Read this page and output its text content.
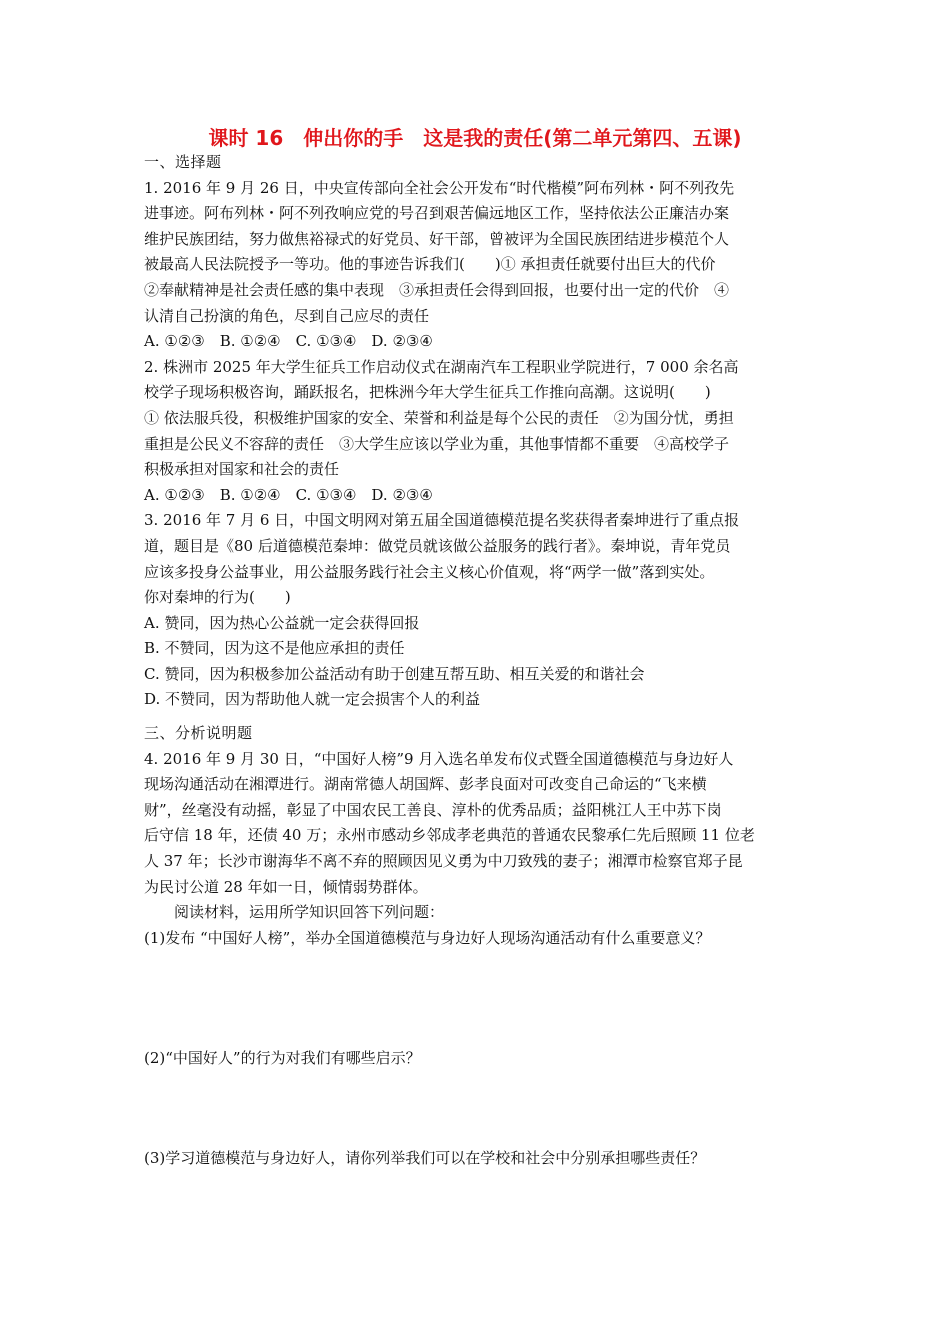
课时 16　伸出你的手　这是我的责任(第二单元第四、五课)
一、选择题
1. 2016 年 9 月 26 日，中央宣传部向全社会公开发布“时代楷模”阿布列林・阿不列孜先
进事迹。阿布列林・阿不列孜响应党的号召到艰苦偏远地区工作，坚持依法公正廉洁办案
维护民族团结，努力做焦裕禄式的好党员、好干部，曾被评为全国民族团结进步模范个人
被最高人民法院授予一等功。他的事迹告诉我们(　　)① 承担责任就要付出巨大的代价
②奉献精神是社会责任感的集中表现　③承担责任会得到回报，也要付出一定的代价　④
认清自己扮演的角色，尽到自己应尽的责任
A. ①②③　B. ①②④　C. ①③④　D. ②③④
2. 株洲市 2025 年大学生征兵工作启动仪式在湖南汽车工程职业学院进行，7 000 余名高
校学子现场积极咨询，踊跃报名，把株洲今年大学生征兵工作推向高潮。这说明(　　)
① 依法服兵役，积极维护国家的安全、荣誉和利益是每个公民的责任　②为国分忧，勇担
重担是公民义不容辞的责任　③大学生应该以学业为重，其他事情都不重要　④高校学子
积极承担对国家和社会的责任
A. ①②③　B. ①②④　C. ①③④　D. ②③④
3. 2016 年 7 月 6 日，中国文明网对第五届全国道德模范提名奖获得者秦坤进行了重点报
道，题目是《80 后道德模范秦坤：做党员就该做公益服务的践行者》。秦坤说，青年党员
应该多投身公益事业，用公益服务践行社会主义核心价值观，将“两学一做”落到实处。
你对秦坤的行为(　　)
A. 赞同，因为热心公益就一定会获得回报
B. 不赞同，因为这不是他应承担的责任
C. 赞同，因为积极参加公益活动有助于创建互帮互助、相互关爱的和谐社会
D. 不赞同，因为帮助他人就一定会损害个人的利益
三、分析说明题
4. 2016 年 9 月 30 日，“中国好人榜”9 月入选名单发布仪式暨全国道德模范与身边好人
现场沟通活动在湘潭进行。湖南常德人胡国辉、彭孝良面对可改变自己命运的“飞来横
财”，丝毫没有动摇，彰显了中国农民工善良、淳朴的优秀品质；益阳桃江人王中苏下岗
后守信 18 年，还债 40 万；永州市感动乡邻成孝老典范的普通农民黎承仁先后照顾 11 位老
人 37 年；长沙市谢海华不离不弃的照顾因见义勇为中刀致残的妻子；湘潭市检察官郑子昆
为民讨公道 28 年如一日，倾情弱势群体。
阅读材料，运用所学知识回答下列问题：
(1)发布 “中国好人榜”，举办全国道德模范与身边好人现场沟通活动有什么重要意义？
(2)“中国好人”的行为对我们有哪些启示？
(3)学习道德模范与身边好人，请你列举我们可以在学校和社会中分别承担哪些责任？
